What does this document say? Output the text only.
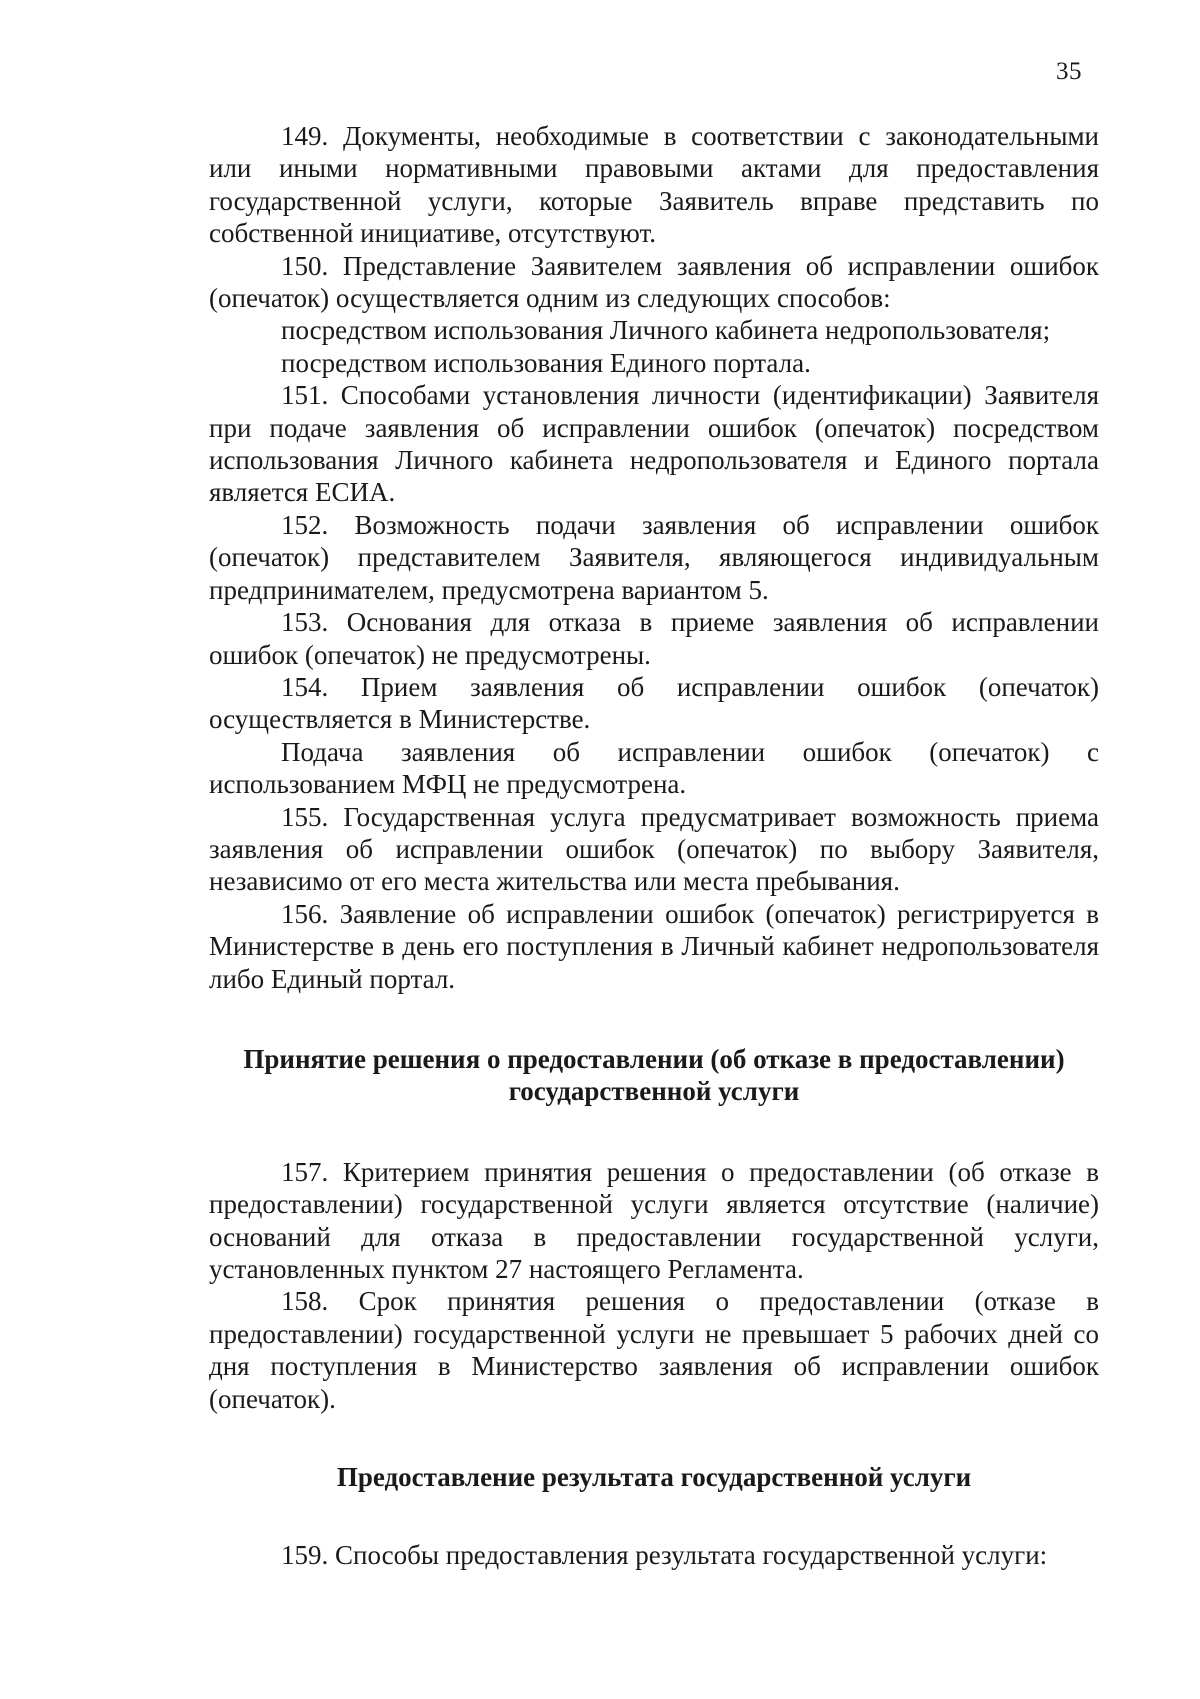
35

149. Документы, необходимые в соответствии с законодательными или иными нормативными правовыми актами для предоставления государственной услуги, которые Заявитель вправе представить по собственной инициативе, отсутствуют.

150. Представление Заявителем заявления об исправлении ошибок (опечаток) осуществляется одним из следующих способов:

посредством использования Личного кабинета недропользователя;

посредством использования Единого портала.

151. Способами установления личности (идентификации) Заявителя при подаче заявления об исправлении ошибок (опечаток) посредством использования Личного кабинета недропользователя и Единого портала является ЕСИА.

152. Возможность подачи заявления об исправлении ошибок (опечаток) представителем Заявителя, являющегося индивидуальным предпринимателем, предусмотрена вариантом 5.

153. Основания для отказа в приеме заявления об исправлении ошибок (опечаток) не предусмотрены.

154. Прием заявления об исправлении ошибок (опечаток) осуществляется в Министерстве.

Подача заявления об исправлении ошибок (опечаток) с использованием МФЦ не предусмотрена.

155. Государственная услуга предусматривает возможность приема заявления об исправлении ошибок (опечаток) по выбору Заявителя, независимо от его места жительства или места пребывания.

156. Заявление об исправлении ошибок (опечаток) регистрируется в Министерстве в день его поступления в Личный кабинет недропользователя либо Единый портал.

Принятие решения о предоставлении (об отказе в предоставлении) государственной услуги

157. Критерием принятия решения о предоставлении (об отказе в предоставлении) государственной услуги является отсутствие (наличие) оснований для отказа в предоставлении государственной услуги, установленных пунктом 27 настоящего Регламента.

158. Срок принятия решения о предоставлении (отказе в предоставлении) государственной услуги не превышает 5 рабочих дней со дня поступления в Министерство заявления об исправлении ошибок (опечаток).

Предоставление результата государственной услуги

159. Способы предоставления результата государственной услуги:
